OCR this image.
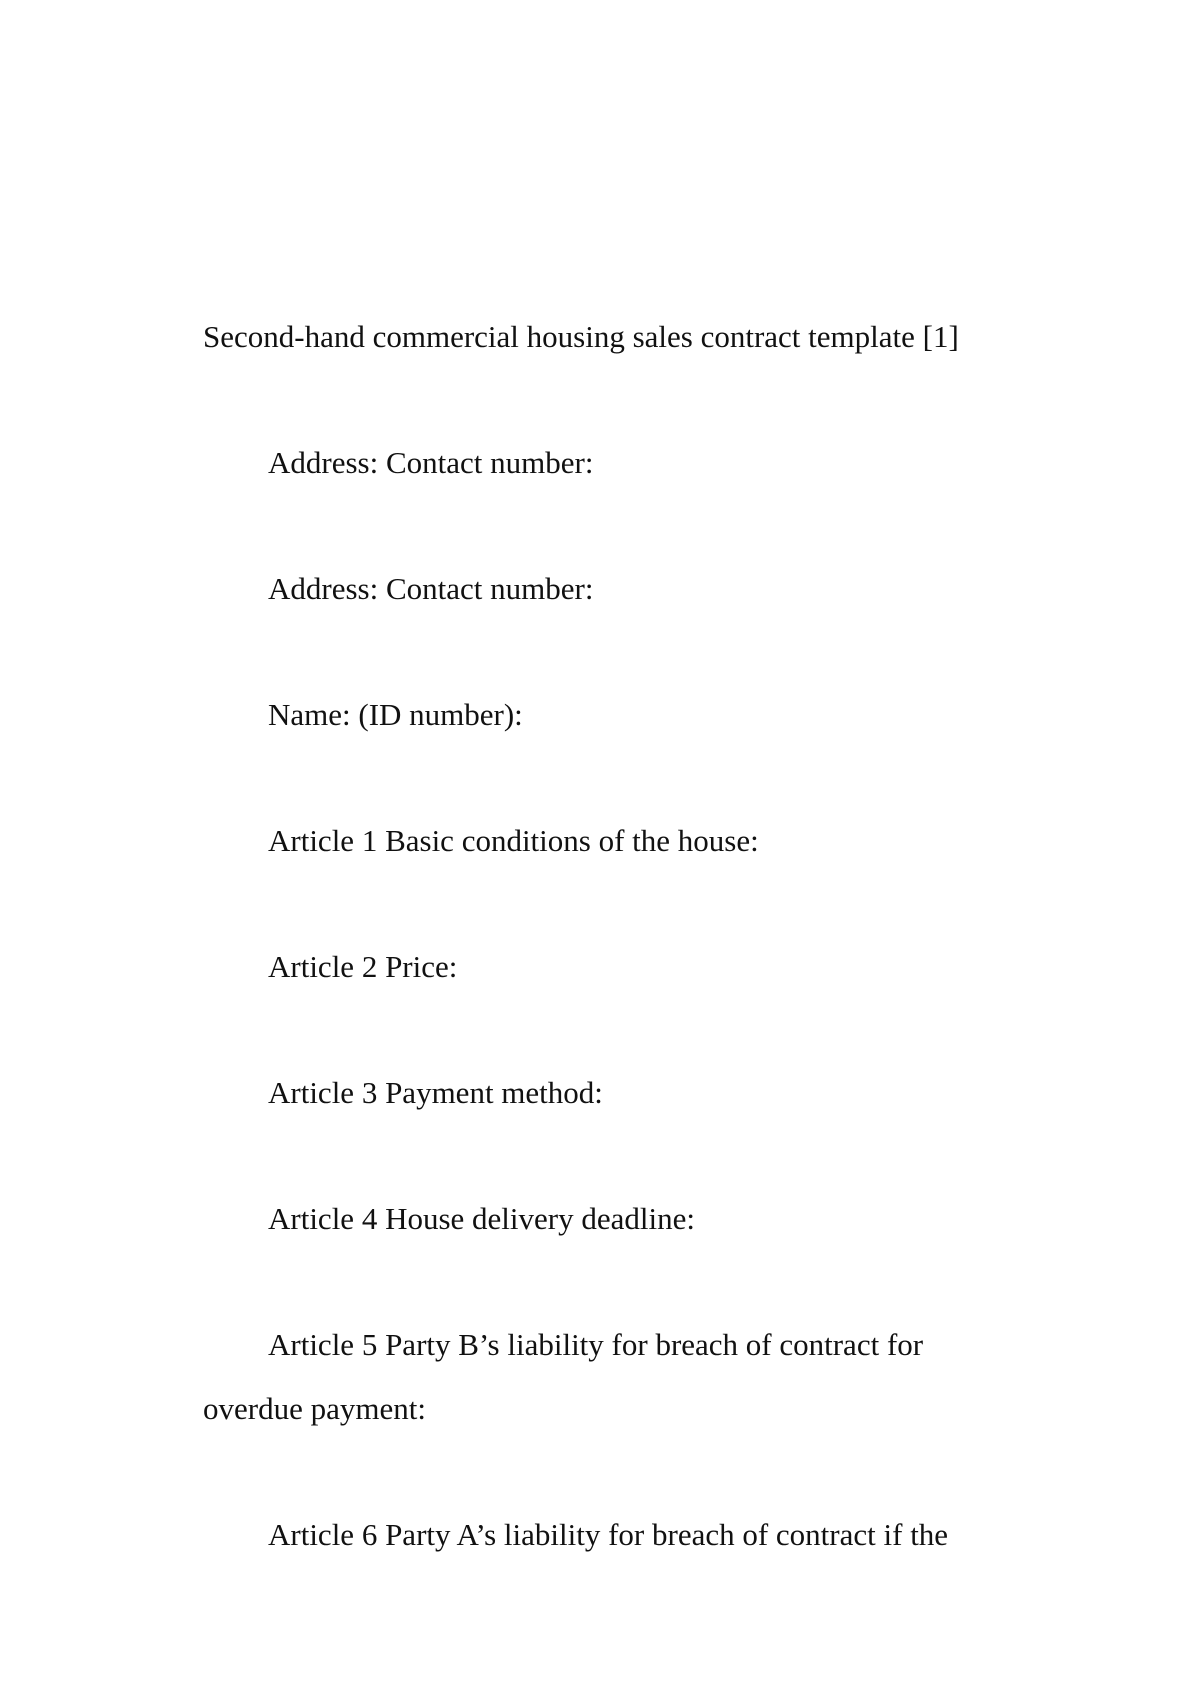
Second-hand commercial housing sales contract template [1]

Address: Contact number:

Address: Contact number:

Name: (ID number):

Article 1 Basic conditions of the house:

Article 2 Price:

Article 3 Payment method:

Article 4 House delivery deadline:

Article 5 Party B’s liability for breach of contract for overdue payment:

Article 6 Party A’s liability for breach of contract if the
